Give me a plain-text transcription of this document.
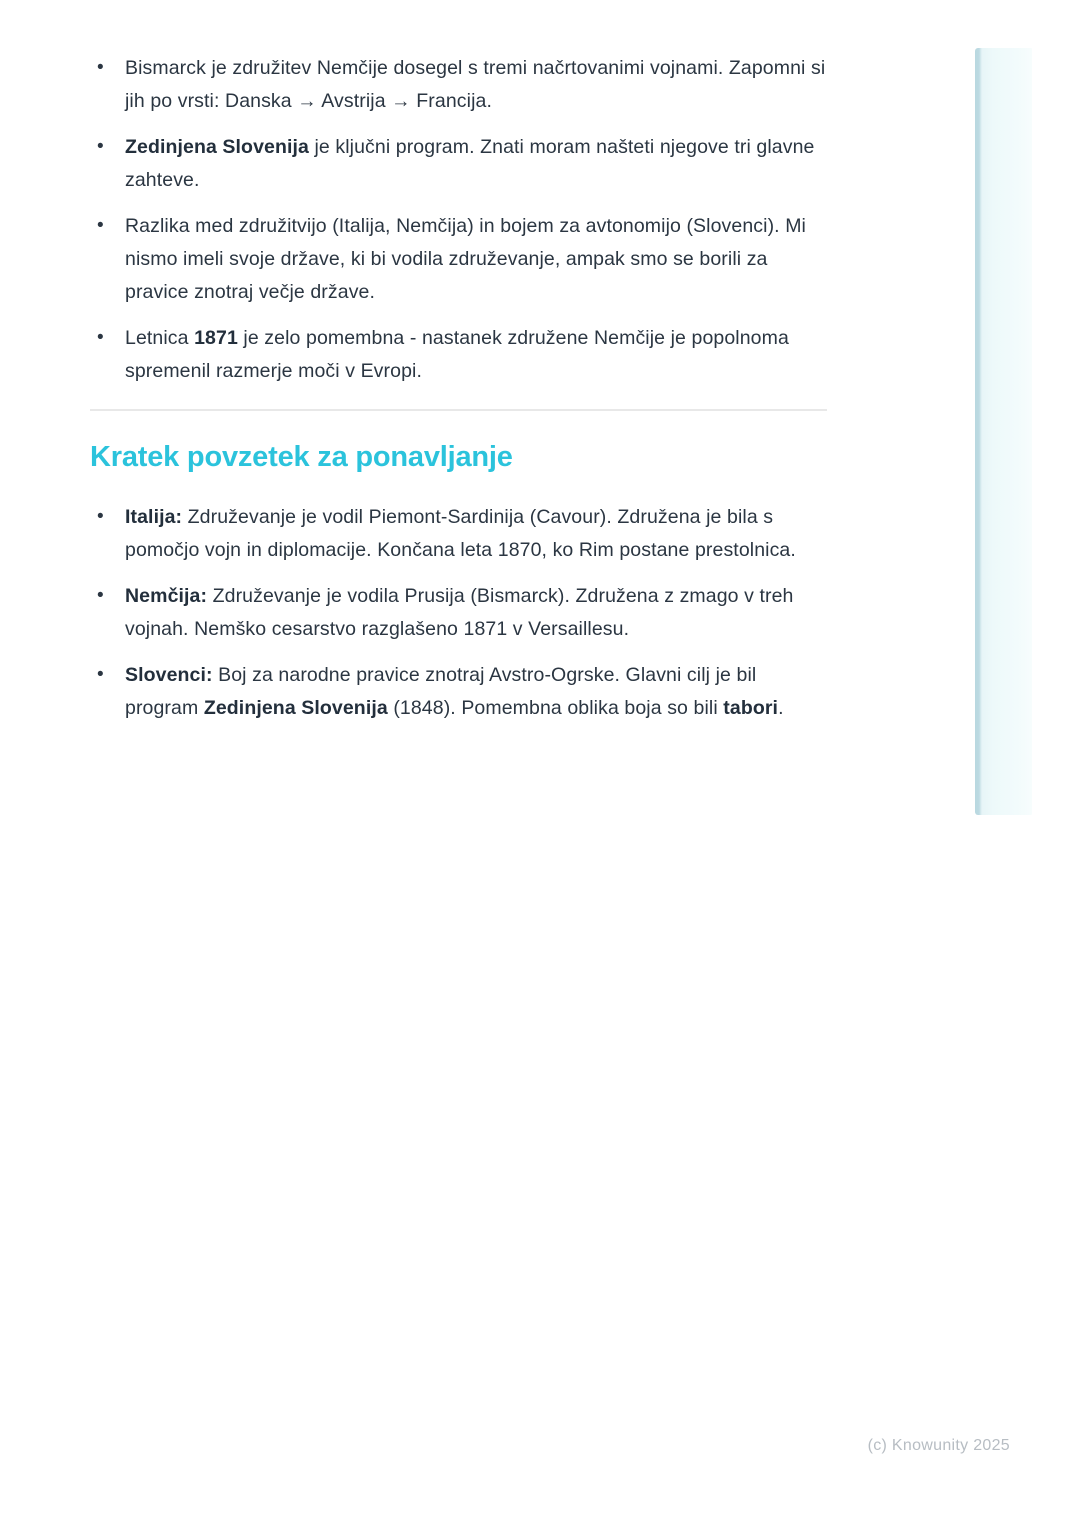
• Bismarck je združitev Nemčije dosegel s tremi načrtovanimi vojnami. Zapomni si jih po vrsti: Danska → Avstrija → Francija.
• Zedinjena Slovenija je ključni program. Znati moram našteti njegove tri glavne zahteve.
• Razlika med združitvijo (Italija, Nemčija) in bojem za avtonomijo (Slovenci). Mi nismo imeli svoje države, ki bi vodila združevanje, ampak smo se borili za pravice znotraj večje države.
• Letnica 1871 je zelo pomembna - nastanek združene Nemčije je popolnoma spremenil razmerje moči v Evropi.
Kratek povzetek za ponavljanje
• Italija: Združevanje je vodil Piemont-Sardinija (Cavour). Združena je bila s pomočjo vojn in diplomacije. Končana leta 1870, ko Rim postane prestolnica.
• Nemčija: Združevanje je vodila Prusija (Bismarck). Združena z zmago v treh vojnah. Nemško cesarstvo razglašeno 1871 v Versaillesu.
• Slovenci: Boj za narodne pravice znotraj Avstro-Ogrske. Glavni cilj je bil program Zedinjena Slovenija (1848). Pomembna oblika boja so bili tabori.
(c) Knowunity 2025
